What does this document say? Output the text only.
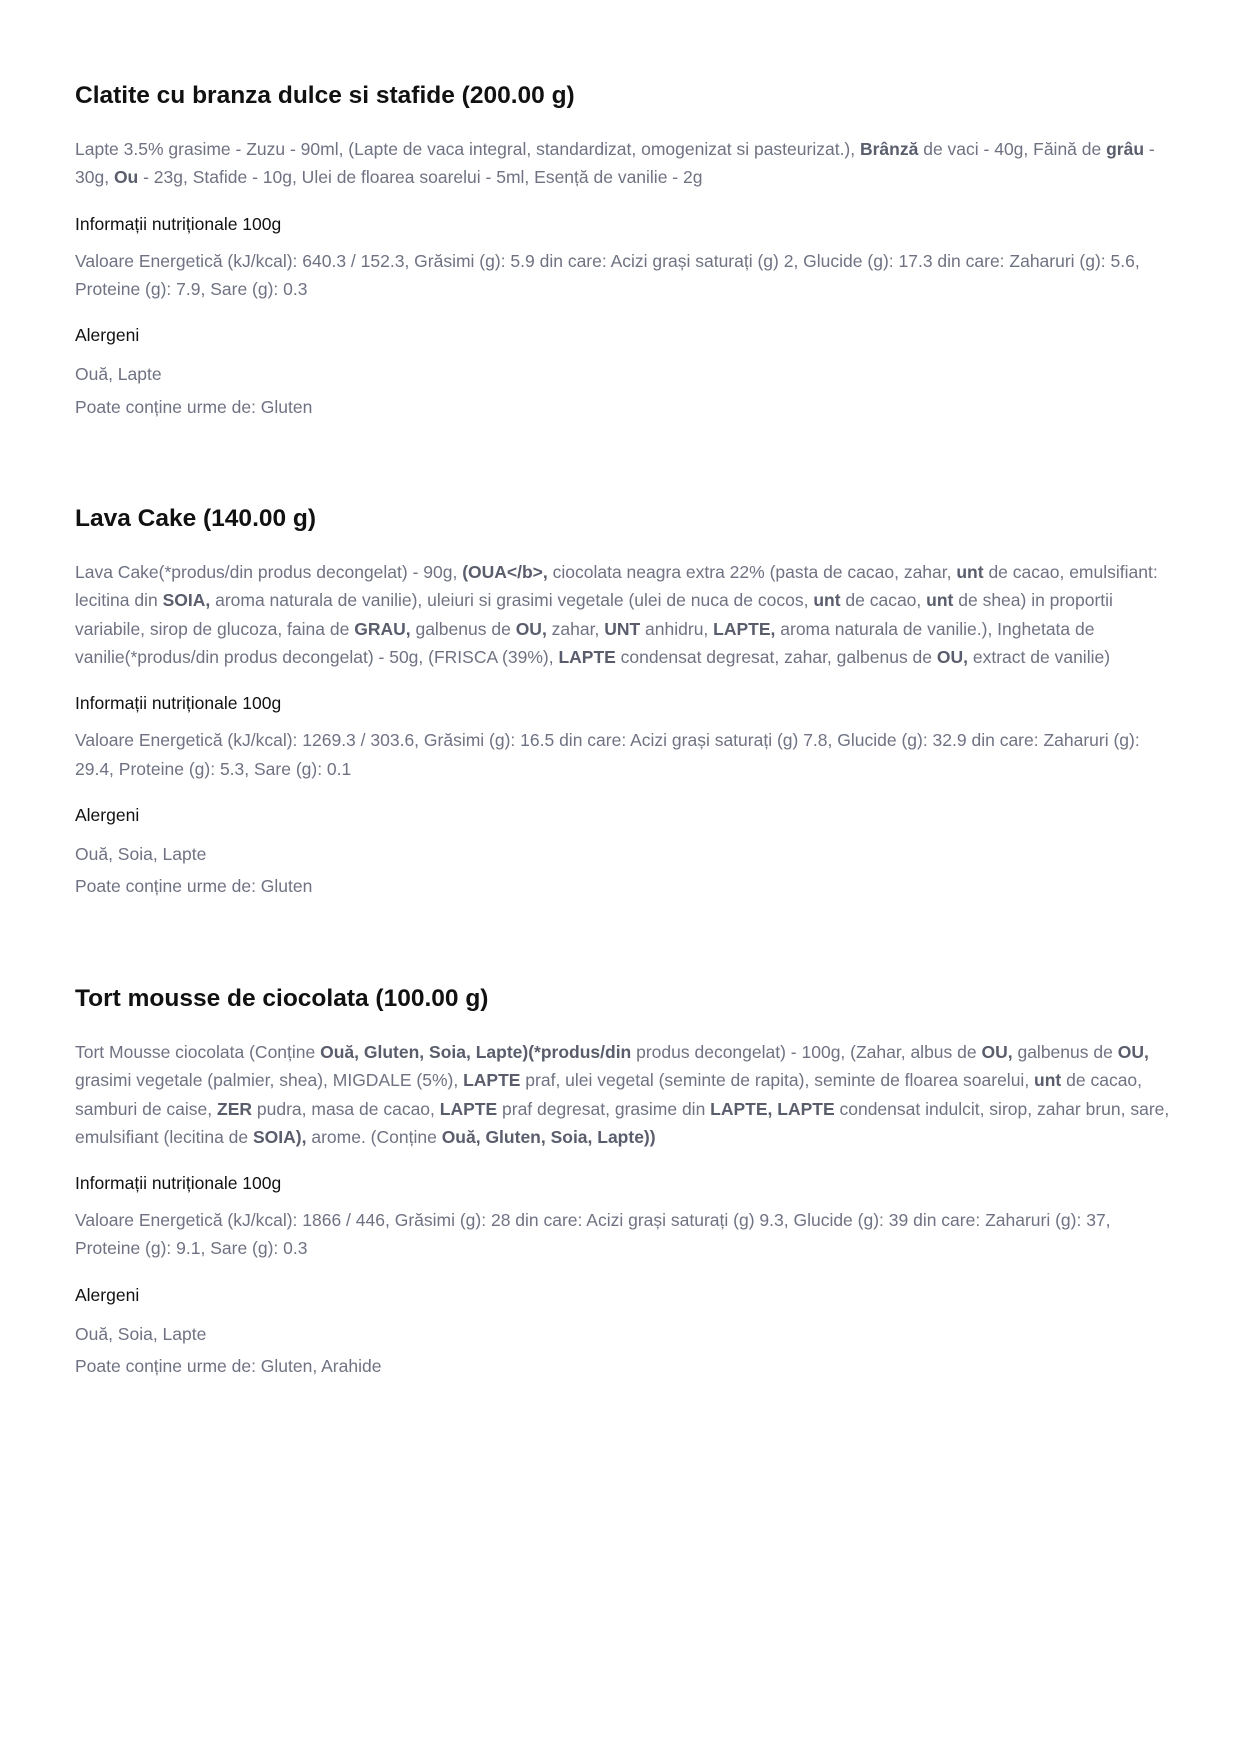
Clatite cu branza dulce si stafide (200.00 g)

Lapte 3.5% grasime - Zuzu - 90ml, (Lapte de vaca integral, standardizat, omogenizat si pasteurizat.), Brânză de vaci - 40g, Făină de grâu - 30g, Ou - 23g, Stafide - 10g, Ulei de floarea soarelui - 5ml, Esență de vanilie - 2g

Informații nutriționale 100g

Valoare Energetică (kJ/kcal): 640.3 / 152.3, Grăsimi (g): 5.9 din care: Acizi grași saturați (g) 2, Glucide (g): 17.3 din care: Zaharuri (g): 5.6, Proteine (g): 7.9, Sare (g): 0.3

Alergeni

Ouă, Lapte

Poate conține urme de: Gluten

Lava Cake (140.00 g)

Lava Cake(*produs/din produs decongelat) - 90g, (OUA</b>, ciocolata neagra extra 22% (pasta de cacao, zahar, unt de cacao, emulsifiant: lecitina din SOIA, aroma naturala de vanilie), uleiuri si grasimi vegetale (ulei de nuca de cocos, unt de cacao, unt de shea) in proportii variabile, sirop de glucoza, faina de GRAU, galbenus de OU, zahar, UNT anhidru, LAPTE, aroma naturala de vanilie.), Inghetata de vanilie(*produs/din produs decongelat) - 50g, (FRISCA (39%), LAPTE condensat degresat, zahar, galbenus de OU, extract de vanilie)

Informații nutriționale 100g

Valoare Energetică (kJ/kcal): 1269.3 / 303.6, Grăsimi (g): 16.5 din care: Acizi grași saturați (g) 7.8, Glucide (g): 32.9 din care: Zaharuri (g): 29.4, Proteine (g): 5.3, Sare (g): 0.1

Alergeni

Ouă, Soia, Lapte

Poate conține urme de: Gluten

Tort mousse de ciocolata (100.00 g)

Tort Mousse ciocolata (Conține Ouă, Gluten, Soia, Lapte)(*produs/din produs decongelat) - 100g, (Zahar, albus de OU, galbenus de OU, grasimi vegetale (palmier, shea), MIGDALE (5%), LAPTE praf, ulei vegetal (seminte de rapita), seminte de floarea soarelui, unt de cacao, samburi de caise, ZER pudra, masa de cacao, LAPTE praf degresat, grasime din LAPTE, LAPTE condensat indulcit, sirop, zahar brun, sare, emulsifiant (lecitina de SOIA), arome. (Conține Ouă, Gluten, Soia, Lapte))

Informații nutriționale 100g

Valoare Energetică (kJ/kcal): 1866 / 446, Grăsimi (g): 28 din care: Acizi grași saturați (g) 9.3, Glucide (g): 39 din care: Zaharuri (g): 37, Proteine (g): 9.1, Sare (g): 0.3

Alergeni

Ouă, Soia, Lapte

Poate conține urme de: Gluten, Arahide
